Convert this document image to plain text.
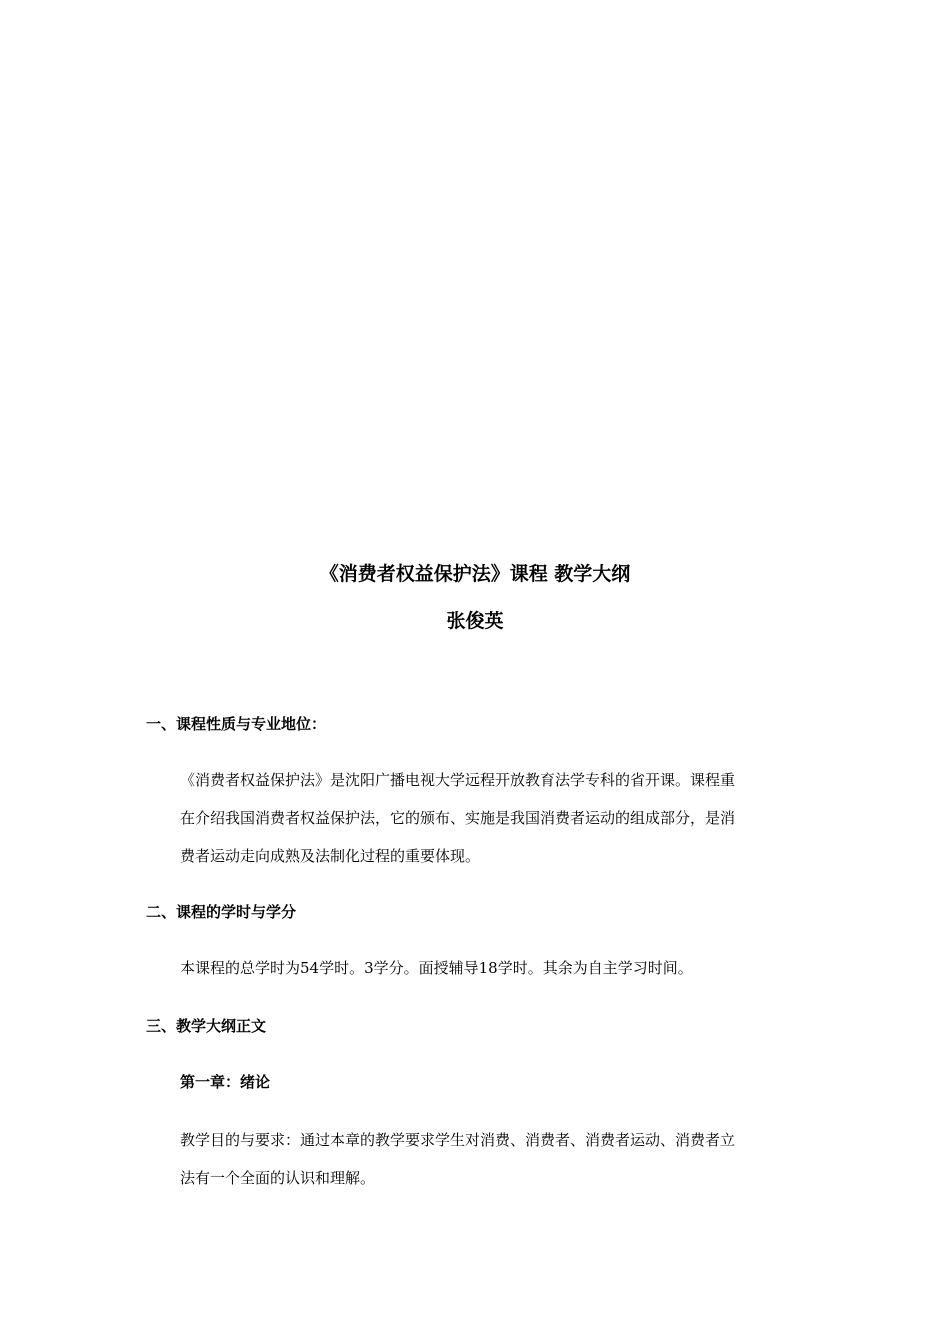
《消费者权益保护法》课程 教学大纲
张俊英
一、课程性质与专业地位：
《消费者权益保护法》是沈阳广播电视大学远程开放教育法学专科的省开课。课程重
在介绍我国消费者权益保护法，它的颁布、实施是我国消费者运动的组成部分，是消
费者运动走向成熟及法制化过程的重要体现。
二、课程的学时与学分
本课程的总学时为54学时。3学分。面授辅导18学时。其余为自主学习时间。
三、教学大纲正文
第一章：绪论
教学目的与要求：通过本章的教学要求学生对消费、消费者、消费者运动、消费者立
法有一个全面的认识和理解。
